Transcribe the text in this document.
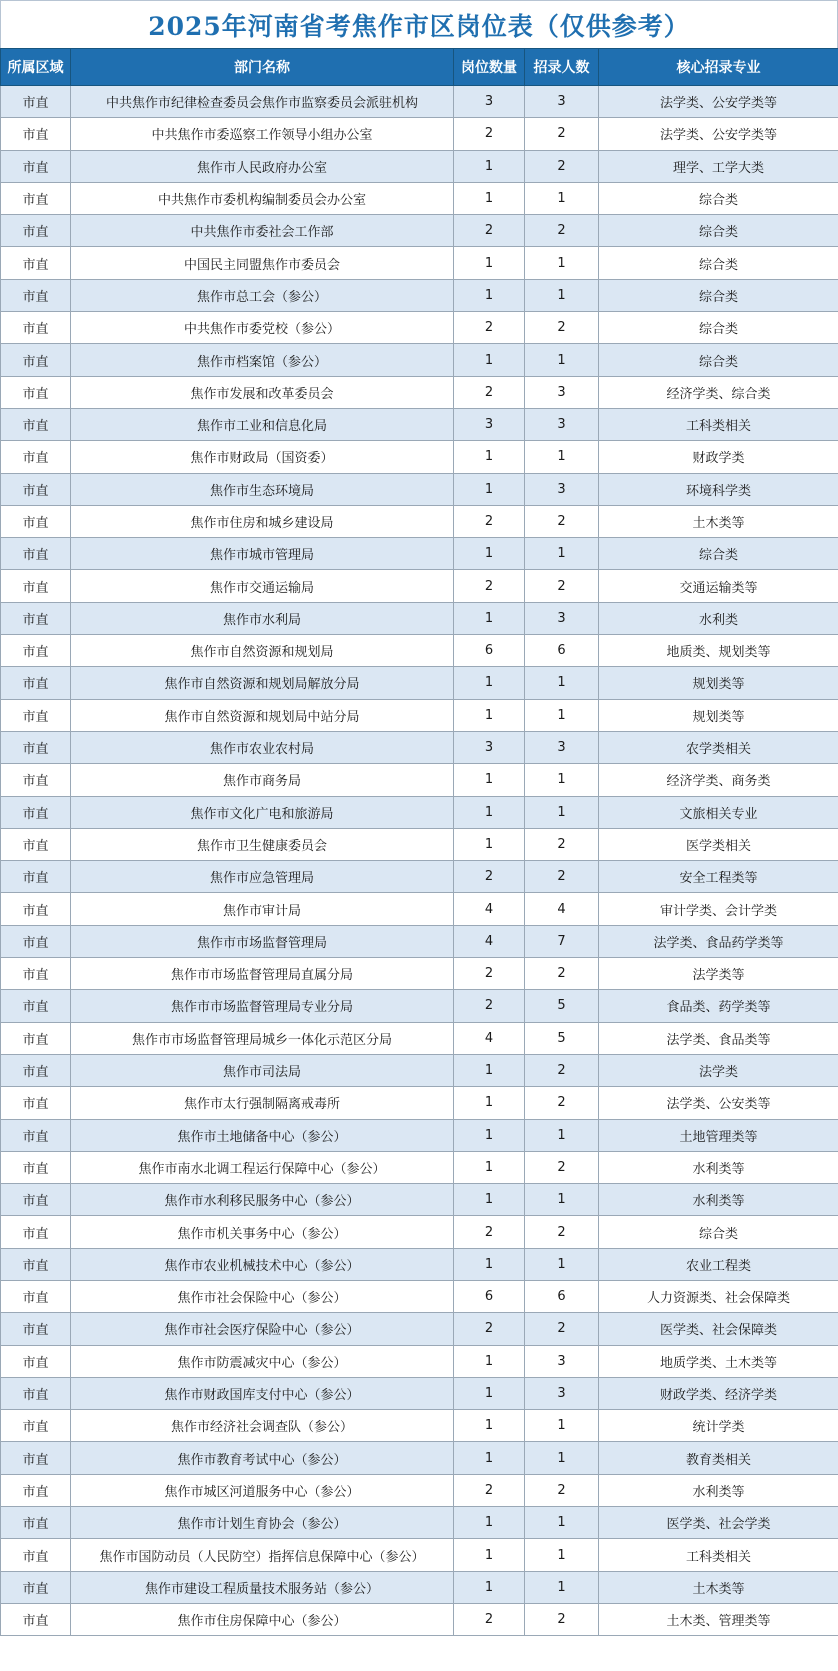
2025年河南省考焦作市区岗位表（仅供参考）
所属区域	部门名称	岗位数量	招录人数	核心招录专业
市直	中共焦作市纪律检查委员会焦作市监察委员会派驻机构	3	3	法学类、公安学类等
市直	中共焦作市委巡察工作领导小组办公室	2	2	法学类、公安学类等
市直	焦作市人民政府办公室	1	2	理学、工学大类
市直	中共焦作市委机构编制委员会办公室	1	1	综合类
市直	中共焦作市委社会工作部	2	2	综合类
市直	中国民主同盟焦作市委员会	1	1	综合类
市直	焦作市总工会（参公）	1	1	综合类
市直	中共焦作市委党校（参公）	2	2	综合类
市直	焦作市档案馆（参公）	1	1	综合类
市直	焦作市发展和改革委员会	2	3	经济学类、综合类
市直	焦作市工业和信息化局	3	3	工科类相关
市直	焦作市财政局（国资委）	1	1	财政学类
市直	焦作市生态环境局	1	3	环境科学类
市直	焦作市住房和城乡建设局	2	2	土木类等
市直	焦作市城市管理局	1	1	综合类
市直	焦作市交通运输局	2	2	交通运输类等
市直	焦作市水利局	1	3	水利类
市直	焦作市自然资源和规划局	6	6	地质类、规划类等
市直	焦作市自然资源和规划局解放分局	1	1	规划类等
市直	焦作市自然资源和规划局中站分局	1	1	规划类等
市直	焦作市农业农村局	3	3	农学类相关
市直	焦作市商务局	1	1	经济学类、商务类
市直	焦作市文化广电和旅游局	1	1	文旅相关专业
市直	焦作市卫生健康委员会	1	2	医学类相关
市直	焦作市应急管理局	2	2	安全工程类等
市直	焦作市审计局	4	4	审计学类、会计学类
市直	焦作市市场监督管理局	4	7	法学类、食品药学类等
市直	焦作市市场监督管理局直属分局	2	2	法学类等
市直	焦作市市场监督管理局专业分局	2	5	食品类、药学类等
市直	焦作市市场监督管理局城乡一体化示范区分局	4	5	法学类、食品类等
市直	焦作市司法局	1	2	法学类
市直	焦作市太行强制隔离戒毒所	1	2	法学类、公安类等
市直	焦作市土地储备中心（参公）	1	1	土地管理类等
市直	焦作市南水北调工程运行保障中心（参公）	1	2	水利类等
市直	焦作市水利移民服务中心（参公）	1	1	水利类等
市直	焦作市机关事务中心（参公）	2	2	综合类
市直	焦作市农业机械技术中心（参公）	1	1	农业工程类
市直	焦作市社会保险中心（参公）	6	6	人力资源类、社会保障类
市直	焦作市社会医疗保险中心（参公）	2	2	医学类、社会保障类
市直	焦作市防震减灾中心（参公）	1	3	地质学类、土木类等
市直	焦作市财政国库支付中心（参公）	1	3	财政学类、经济学类
市直	焦作市经济社会调查队（参公）	1	1	统计学类
市直	焦作市教育考试中心（参公）	1	1	教育类相关
市直	焦作市城区河道服务中心（参公）	2	2	水利类等
市直	焦作市计划生育协会（参公）	1	1	医学类、社会学类
市直	焦作市国防动员（人民防空）指挥信息保障中心（参公）	1	1	工科类相关
市直	焦作市建设工程质量技术服务站（参公）	1	1	土木类等
市直	焦作市住房保障中心（参公）	2	2	土木类、管理类等
